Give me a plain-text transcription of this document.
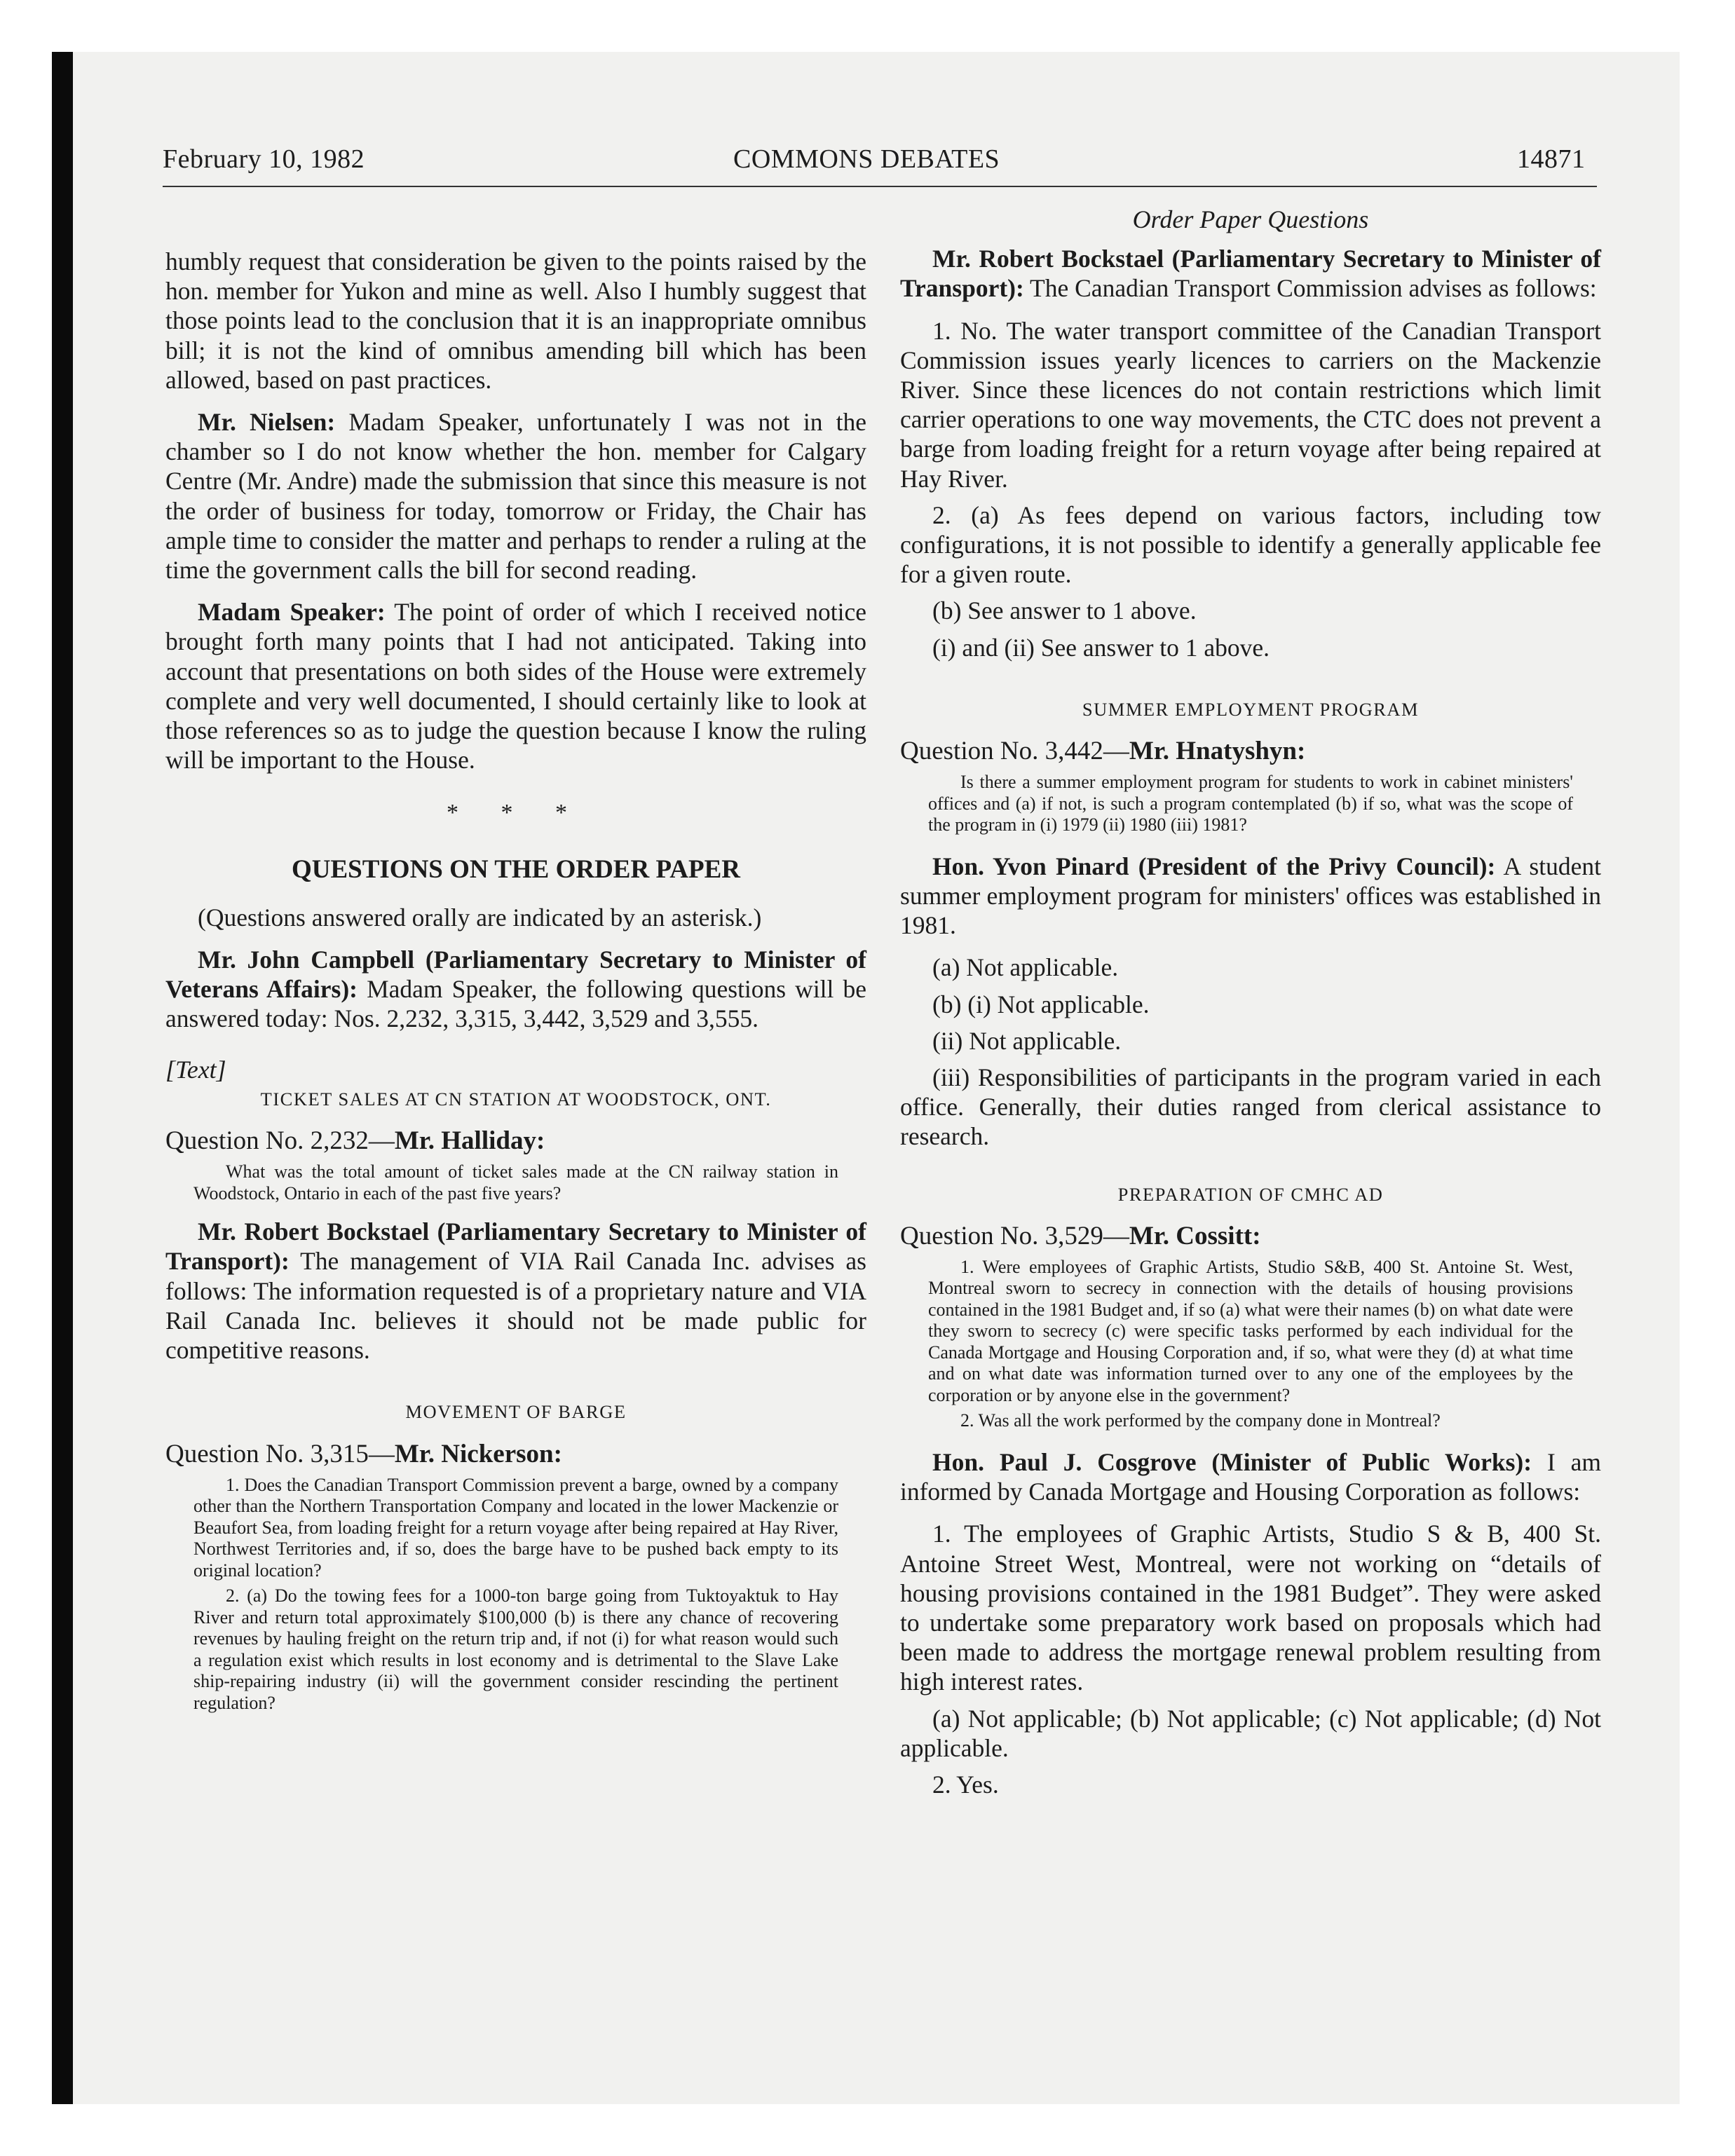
February 10, 1982	COMMONS DEBATES	14871

humbly request that consideration be given to the points raised by the hon. member for Yukon and mine as well. Also I humbly suggest that those points lead to the conclusion that it is an inappropriate omnibus bill; it is not the kind of omnibus amending bill which has been allowed, based on past practices.

Mr. Nielsen: Madam Speaker, unfortunately I was not in the chamber so I do not know whether the hon. member for Calgary Centre (Mr. Andre) made the submission that since this measure is not the order of business for today, tomorrow or Friday, the Chair has ample time to consider the matter and perhaps to render a ruling at the time the government calls the bill for second reading.

Madam Speaker: The point of order of which I received notice brought forth many points that I had not anticipated. Taking into account that presentations on both sides of the House were extremely complete and very well documented, I should certainly like to look at those references so as to judge the question because I know the ruling will be important to the House.

* * *
QUESTIONS ON THE ORDER PAPER

(Questions answered orally are indicated by an asterisk.)

Mr. John Campbell (Parliamentary Secretary to Minister of Veterans Affairs): Madam Speaker, the following questions will be answered today: Nos. 2,232, 3,315, 3,442, 3,529 and 3,555.

[Text]
TICKET SALES AT CN STATION AT WOODSTOCK, ONT.
Question No. 2,232—Mr. Halliday:

What was the total amount of ticket sales made at the CN railway station in Woodstock, Ontario in each of the past five years?

Mr. Robert Bockstael (Parliamentary Secretary to Minister of Transport): The management of VIA Rail Canada Inc. advises as follows: The information requested is of a proprietary nature and VIA Rail Canada Inc. believes it should not be made public for competitive reasons.

MOVEMENT OF BARGE
Question No. 3,315—Mr. Nickerson:

1. Does the Canadian Transport Commission prevent a barge, owned by a company other than the Northern Transportation Company and located in the lower Mackenzie or Beaufort Sea, from loading freight for a return voyage after being repaired at Hay River, Northwest Territories and, if so, does the barge have to be pushed back empty to its original location?

2. (a) Do the towing fees for a 1000-ton barge going from Tuktoyaktuk to Hay River and return total approximately $100,000 (b) is there any chance of recovering revenues by hauling freight on the return trip and, if not (i) for what reason would such a regulation exist which results in lost economy and is detrimental to the Slave Lake ship-repairing industry (ii) will the government consider rescinding the pertinent regulation?

Order Paper Questions

Mr. Robert Bockstael (Parliamentary Secretary to Minister of Transport): The Canadian Transport Commission advises as follows:

1. No. The water transport committee of the Canadian Transport Commission issues yearly licences to carriers on the Mackenzie River. Since these licences do not contain restrictions which limit carrier operations to one way movements, the CTC does not prevent a barge from loading freight for a return voyage after being repaired at Hay River.

2. (a) As fees depend on various factors, including tow configurations, it is not possible to identify a generally applicable fee for a given route.

(b) See answer to 1 above.

(i) and (ii) See answer to 1 above.

SUMMER EMPLOYMENT PROGRAM
Question No. 3,442—Mr. Hnatyshyn:

Is there a summer employment program for students to work in cabinet ministers' offices and (a) if not, is such a program contemplated (b) if so, what was the scope of the program in (i) 1979 (ii) 1980 (iii) 1981?

Hon. Yvon Pinard (President of the Privy Council): A student summer employment program for ministers' offices was established in 1981.

(a) Not applicable.

(b) (i) Not applicable.

(ii) Not applicable.

(iii) Responsibilities of participants in the program varied in each office. Generally, their duties ranged from clerical assistance to research.

PREPARATION OF CMHC AD
Question No. 3,529—Mr. Cossitt:

1. Were employees of Graphic Artists, Studio S&B, 400 St. Antoine St. West, Montreal sworn to secrecy in connection with the details of housing provisions contained in the 1981 Budget and, if so (a) what were their names (b) on what date were they sworn to secrecy (c) were specific tasks performed by each individual for the Canada Mortgage and Housing Corporation and, if so, what were they (d) at what time and on what date was information turned over to any one of the employees by the corporation or by anyone else in the government?

2. Was all the work performed by the company done in Montreal?

Hon. Paul J. Cosgrove (Minister of Public Works): I am informed by Canada Mortgage and Housing Corporation as follows:

1. The employees of Graphic Artists, Studio S & B, 400 St. Antoine Street West, Montreal, were not working on “details of housing provisions contained in the 1981 Budget”. They were asked to undertake some preparatory work based on proposals which had been made to address the mortgage renewal problem resulting from high interest rates.

(a) Not applicable; (b) Not applicable; (c) Not applicable; (d) Not applicable.

2. Yes.
